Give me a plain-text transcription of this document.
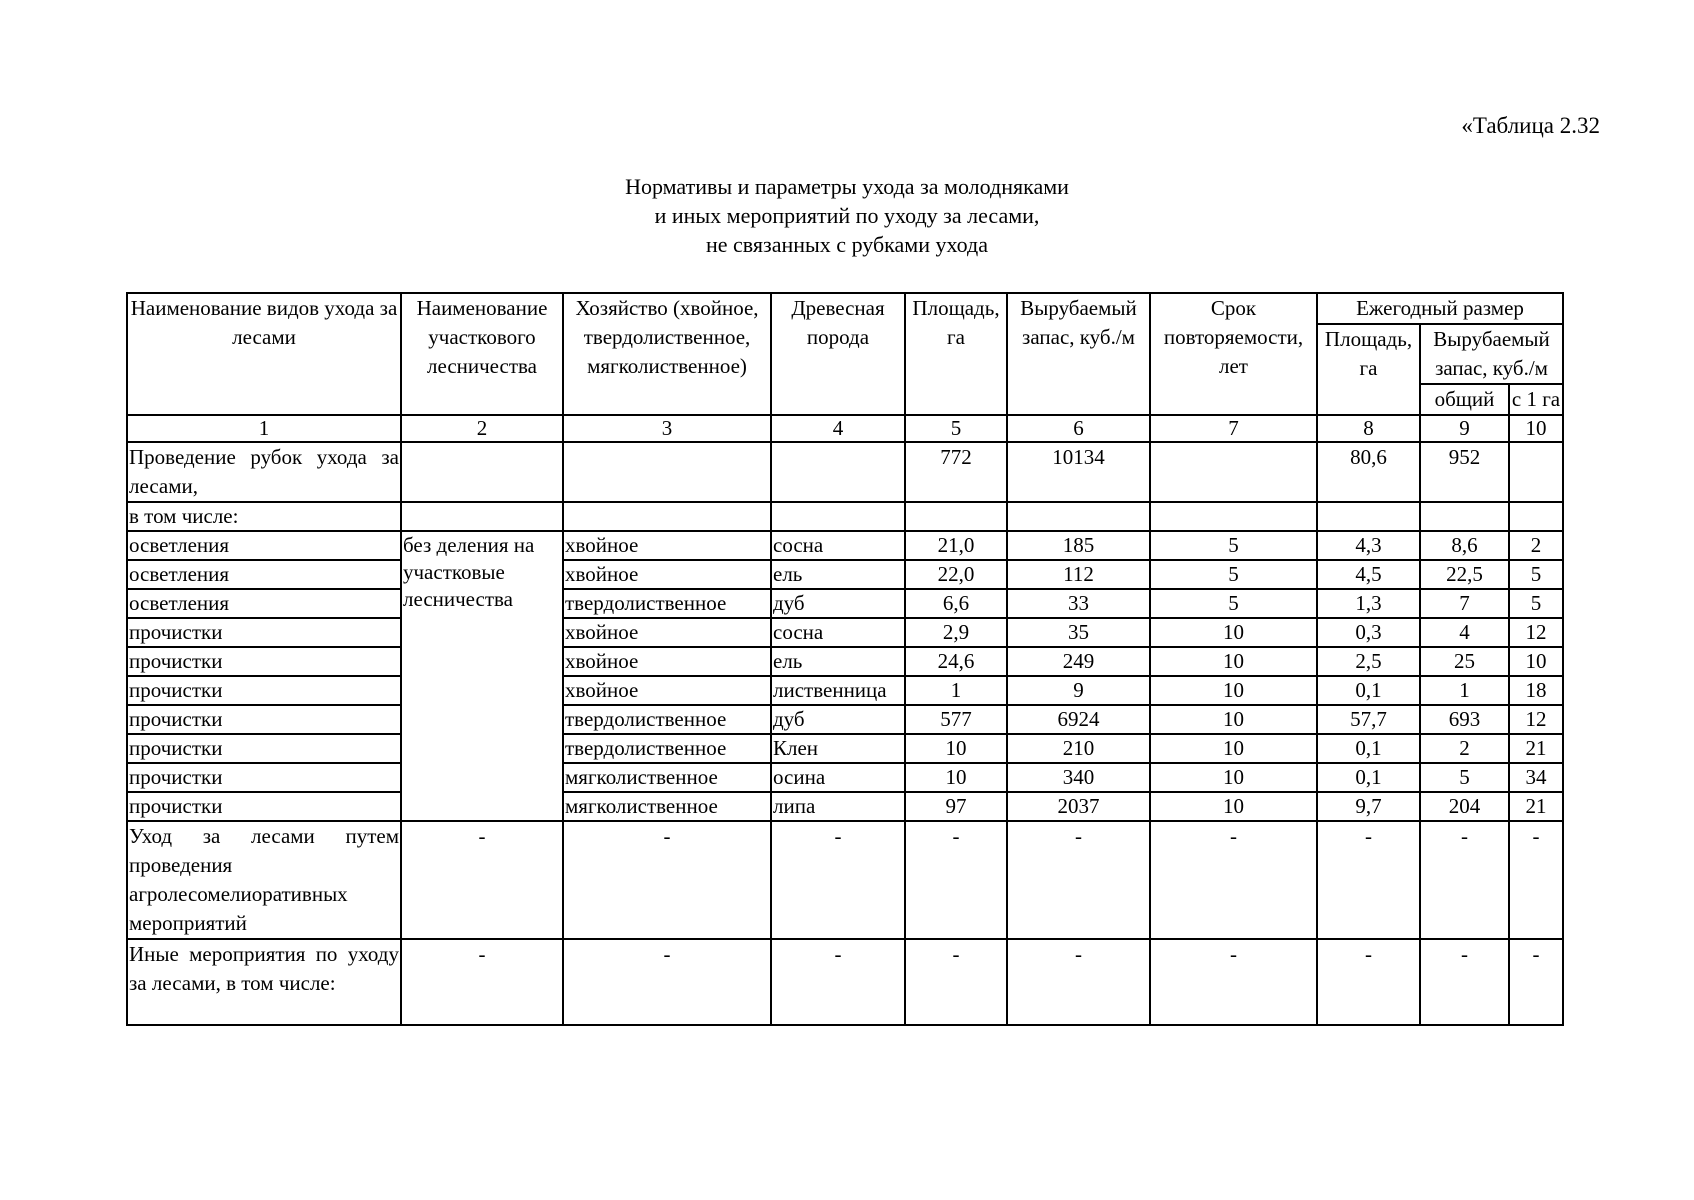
«Таблица 2.32
Нормативы и параметры ухода за молодняками
и иных мероприятий по уходу за лесами,
не связанных с рубками ухода
Наименование видов ухода за лесами	Наименование участкового лесничества	Хозяйство (хвойное, твердолиственное, мягколиственное)	Древесная порода	Площадь, га	Вырубаемый запас, куб./м	Срок повторяемости, лет	Ежегодный размер		
							Площадь, га	Вырубаемый запас, куб./м	
								общий	с 1 га

1	2	3	4	5	6	7	8	9	10
Проведение рубок ухода за лесами,				772	10134		80,6	952	
в том числе:									
осветления	без деления на участковые лесничества	хвойное	сосна	21,0	185	5	4,3	8,6	2
осветления		хвойное	ель	22,0	112	5	4,5	22,5	5
осветления		твердолиственное	дуб	6,6	33	5	1,3	7	5
прочистки		хвойное	сосна	2,9	35	10	0,3	4	12
прочистки		хвойное	ель	24,6	249	10	2,5	25	10
прочистки		хвойное	лиственница	1	9	10	0,1	1	18
прочистки		твердолиственное	дуб	577	6924	10	57,7	693	12
прочистки		твердолиственное	Клен	10	210	10	0,1	2	21
прочистки		мягколиственное	осина	10	340	10	0,1	5	34
прочистки		мягколиственное	липа	97	2037	10	9,7	204	21
Уход за лесами путем проведения агролесомелиоративных мероприятий	-	-	-	-	-	-	-	-	-
Иные мероприятия по уходу за лесами, в том числе:	-	-	-	-	-	-	-	-	-
